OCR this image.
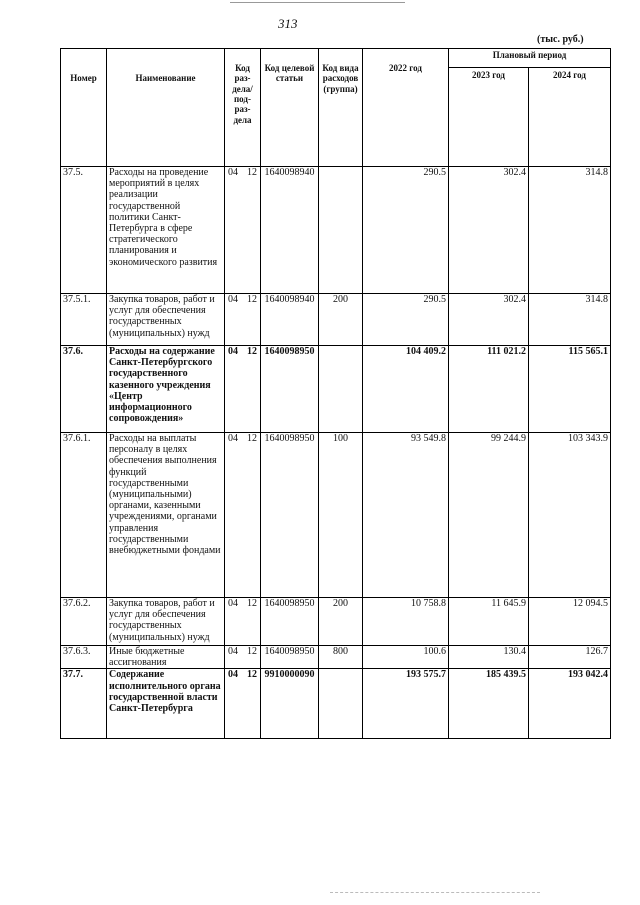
313
(тыс. руб.)
Номер	Наименование	Код раз-дела/ под-раз-дела	Код целевой статьи	Код вида расходов (группа)	2022 год	Плановый период	
						2023 год	2024 год
37.5.	Расходы на проведение мероприятий в целях реализации государственной политики Санкт-Петербурга в сфере стратегического планирования и экономического развития	04 12	1640098940		290.5	302.4	314.8
37.5.1.	Закупка товаров, работ и услуг для обеспечения государственных (муниципальных) нужд	04 12	1640098940	200	290.5	302.4	314.8
37.6.	Расходы на содержание Санкт-Петербургского государственного казенного учреждения «Центр информационного сопровождения»	04 12	1640098950		104 409.2	111 021.2	115 565.1
37.6.1.	Расходы на выплаты персоналу в целях обеспечения выполнения функций государственными (муниципальными) органами, казенными учреждениями, органами управления государственными внебюджетными фондами	04 12	1640098950	100	93 549.8	99 244.9	103 343.9
37.6.2.	Закупка товаров, работ и услуг для обеспечения государственных (муниципальных) нужд	04 12	1640098950	200	10 758.8	11 645.9	12 094.5
37.6.3.	Иные бюджетные ассигнования	04 12	1640098950	800	100.6	130.4	126.7
37.7.	Содержание исполнительного органа государственной власти Санкт-Петербурга	04 12	9910000090		193 575.7	185 439.5	193 042.4
